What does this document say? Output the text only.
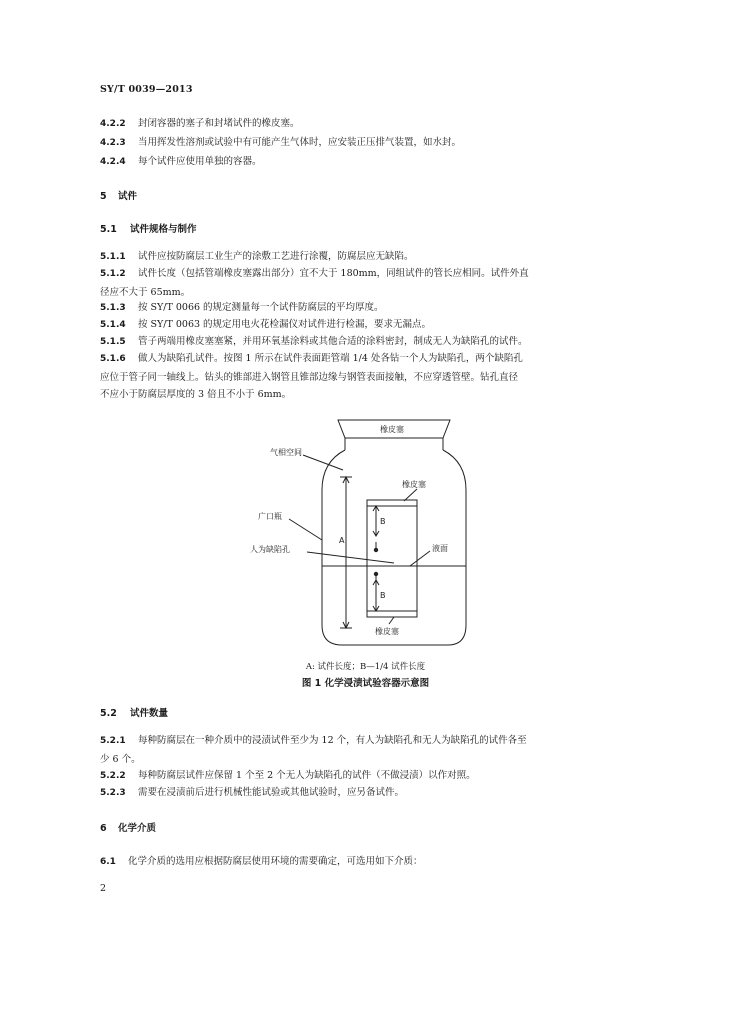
SY/T 0039—2013
4.2.2 封闭容器的塞子和封堵试件的橡皮塞。
4.2.3 当用挥发性溶剂或试验中有可能产生气体时，应安装正压排气装置，如水封。
4.2.4 每个试件应使用单独的容器。
5 试件
5.1 试件规格与制作
5.1.1 试件应按防腐层工业生产的涂敷工艺进行涂覆，防腐层应无缺陷。
5.1.2 试件长度（包括管端橡皮塞露出部分）宜不大于 180mm，同组试件的管长应相同。试件外直
径应不大于 65mm。
5.1.3 按 SY/T 0066 的规定测量每一个试件防腐层的平均厚度。
5.1.4 按 SY/T 0063 的规定用电火花检漏仪对试件进行检漏，要求无漏点。
5.1.5 管子两端用橡皮塞塞紧，并用环氧基涂料或其他合适的涂料密封，制成无人为缺陷孔的试件。
5.1.6 做人为缺陷孔试件。按图 1 所示在试件表面距管端 1/4 处各钻一个人为缺陷孔，两个缺陷孔
应位于管子同一轴线上。钻头的锥部进入钢管且锥部边缘与钢管表面接触，不应穿透管壁。钻孔直径
不应小于防腐层厚度的 3 倍且不小于 6mm。
橡皮塞
气相空间
橡皮塞
广口瓶
A
人为缺陷孔	液面
B
B
橡皮塞
A: 试件长度；B—1/4 试件长度
图 1 化学浸渍试验容器示意图
5.2 试件数量
5.2.1 每种防腐层在一种介质中的浸渍试件至少为 12 个，有人为缺陷孔和无人为缺陷孔的试件各至
少 6 个。
5.2.2 每种防腐层试件应保留 1 个至 2 个无人为缺陷孔的试件（不做浸渍）以作对照。
5.2.3 需要在浸渍前后进行机械性能试验或其他试验时，应另备试件。
6 化学介质
6.1 化学介质的选用应根据防腐层使用环境的需要确定，可选用如下介质：
2
